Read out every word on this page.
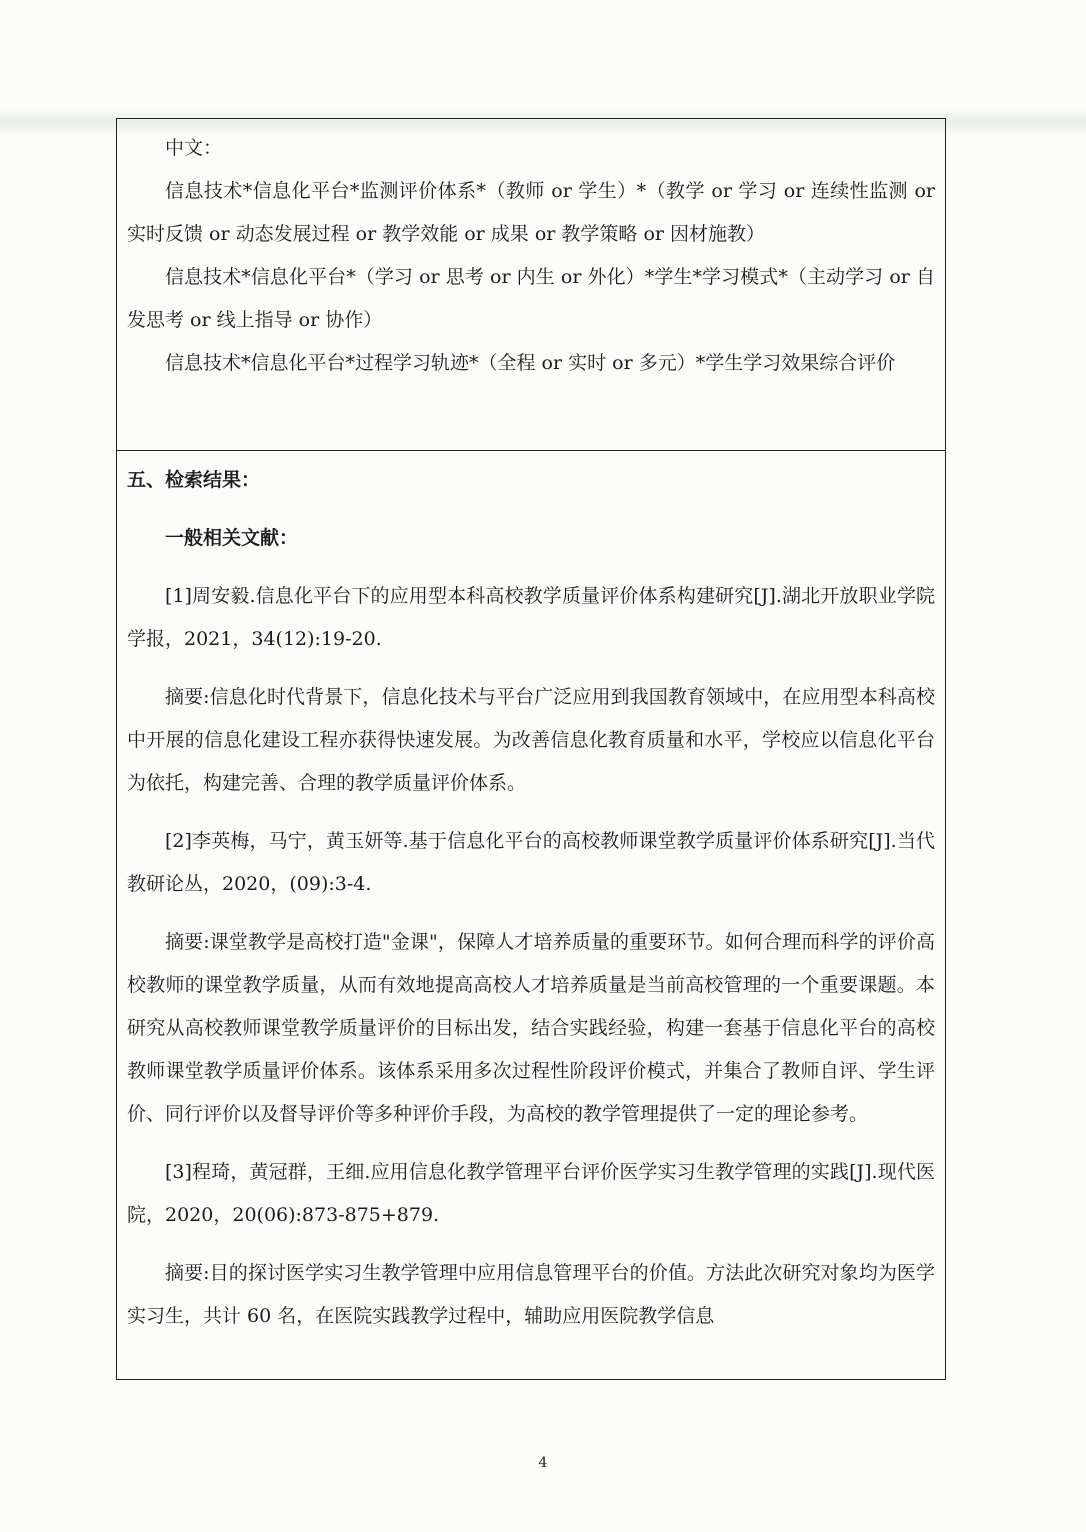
中文：

信息技术*信息化平台*监测评价体系*（教师 or 学生）*（教学 or 学习 or 连续性监测 or 实时反馈 or 动态发展过程 or 教学效能 or 成果 or 教学策略 or 因材施教）

信息技术*信息化平台*（学习 or 思考 or 内生 or 外化）*学生*学习模式*（主动学习 or 自发思考 or 线上指导 or 协作）

信息技术*信息化平台*过程学习轨迹*（全程 or 实时 or 多元）*学生学习效果综合评价

五、检索结果：

一般相关文献：

[1]周安毅.信息化平台下的应用型本科高校教学质量评价体系构建研究[J].湖北开放职业学院学报，2021，34(12):19-20.

摘要:信息化时代背景下，信息化技术与平台广泛应用到我国教育领域中，在应用型本科高校中开展的信息化建设工程亦获得快速发展。为改善信息化教育质量和水平，学校应以信息化平台为依托，构建完善、合理的教学质量评价体系。

[2]李英梅，马宁，黄玉妍等.基于信息化平台的高校教师课堂教学质量评价体系研究[J].当代教研论丛，2020，(09):3-4.

摘要:课堂教学是高校打造"金课"，保障人才培养质量的重要环节。如何合理而科学的评价高校教师的课堂教学质量，从而有效地提高高校人才培养质量是当前高校管理的一个重要课题。本研究从高校教师课堂教学质量评价的目标出发，结合实践经验，构建一套基于信息化平台的高校教师课堂教学质量评价体系。该体系采用多次过程性阶段评价模式，并集合了教师自评、学生评价、同行评价以及督导评价等多种评价手段，为高校的教学管理提供了一定的理论参考。

[3]程琦，黄冠群，王细.应用信息化教学管理平台评价医学实习生教学管理的实践[J].现代医院，2020，20(06):873-875+879.

摘要:目的探讨医学实习生教学管理中应用信息管理平台的价值。方法此次研究对象均为医学实习生，共计 60 名，在医院实践教学过程中，辅助应用医院教学信息

4
